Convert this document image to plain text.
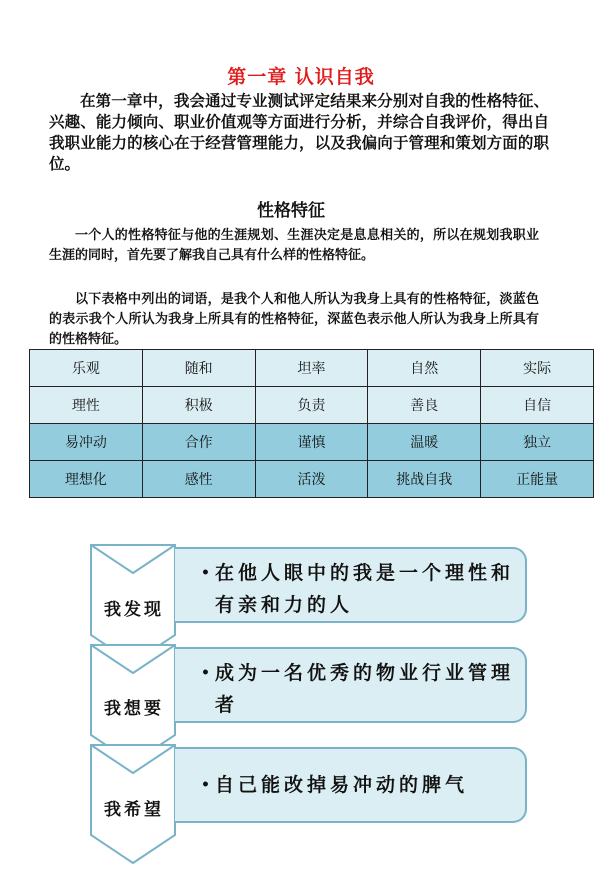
第一章 认识自我

在第一章中，我会通过专业测试评定结果来分别对自我的性格特征、兴趣、能力倾向、职业价值观等方面进行分析，并综合自我评价，得出自我职业能力的核心在于经营管理能力，以及我偏向于管理和策划方面的职位。

性格特征

一个人的性格特征与他的生涯规划、生涯决定是息息相关的，所以在规划我职业生涯的同时，首先要了解我自己具有什么样的性格特征。

以下表格中列出的词语，是我个人和他人所认为我身上具有的性格特征，淡蓝色的表示我个人所认为我身上所具有的性格特征，深蓝色表示他人所认为我身上所具有的性格特征。

乐观	随和	坦率	自然	实际
理性	积极	负责	善良	自信
易冲动	合作	谨慎	温暖	独立
理想化	感性	活泼	挑战自我	正能量
我发现
• 在他人眼中的我是一个理性和有亲和力的人
我想要
• 成为一名优秀的物业行业管理者
我希望
• 自己能改掉易冲动的脾气
